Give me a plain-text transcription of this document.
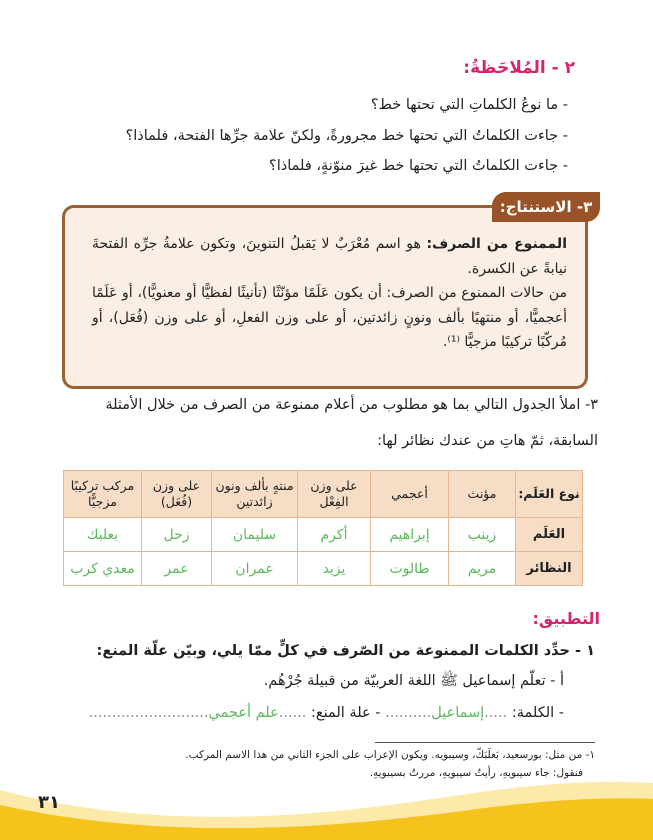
٢ - المُلاحَظةُ:
- ما نوعُ الكلماتِ التي تحتها خط؟
- جاءت الكلماتُ التي تحتها خط مجرورةً، ولكنّ علامة جرِّها الفتحة، فلماذا؟
- جاءت الكلماتُ التي تحتها خط غيرَ منوّنةٍ، فلماذا؟
٣- الاستنتاج:
الممنوع من الصرف: هو اسم مُعْرَبٌ لا يَقبلُ التنوينَ، وتكون علامةُ جرِّه الفتحةَ نيابةً عن الكسرة.
من حالات الممنوع من الصرف: أن يكون عَلَمًا مؤنّثًا (تأنيثًا لفظيًّا أو معنويًّا)، أو عَلَمًا أعجميًّا، أو منتهيًا بألف ونونٍ زائدتين، أو على وزن الفعلِ، أو على وزن (فُعَل)، أو مُركّبًا تركيبًا مزجيًّا ⁽¹⁾.
٣- املأ الجدول التالي بما هو مطلوب من أعلام ممنوعة من الصرف من خلال الأمثلة
السابقة، ثمّ هاتِ من عندك نظائر لها:
نوع العَلَم:	مؤنث	أعجمي	على وزن الفِعْل	منتهٍ بألف ونون زائدتين	على وزن (فُعَل)	مركب تركيبًا مزجيًّا
العَلَم	زينب	إبراهيم	أكرم	سليمان	زحل	بعلبك
النظائر	مريم	طالوت	يزيد	عمران	عمر	معدي كرب
التطبيق:
١ - حدِّد الكلمات الممنوعة من الصّرف في كلٍّ ممّا يلي، وبيّن علّة المنع:
أ - تعلّم إسماعيل ﷺ اللغة العربيّة من قبيلة جُرْهُم.
- الكلمة: .....إسماعيل.......... - علة المنع: ......علم أعجمي..........................
١- من مثل: بورسعيد، بَعلَبَكّ، وسيبويه. ويكون الإعراب على الجزء الثاني من هذا الاسم المركب.
فنقول: جاء سيبويهِ، رأيتُ سيبويهِ، مررتُ بسيبويهِ.
٣١
